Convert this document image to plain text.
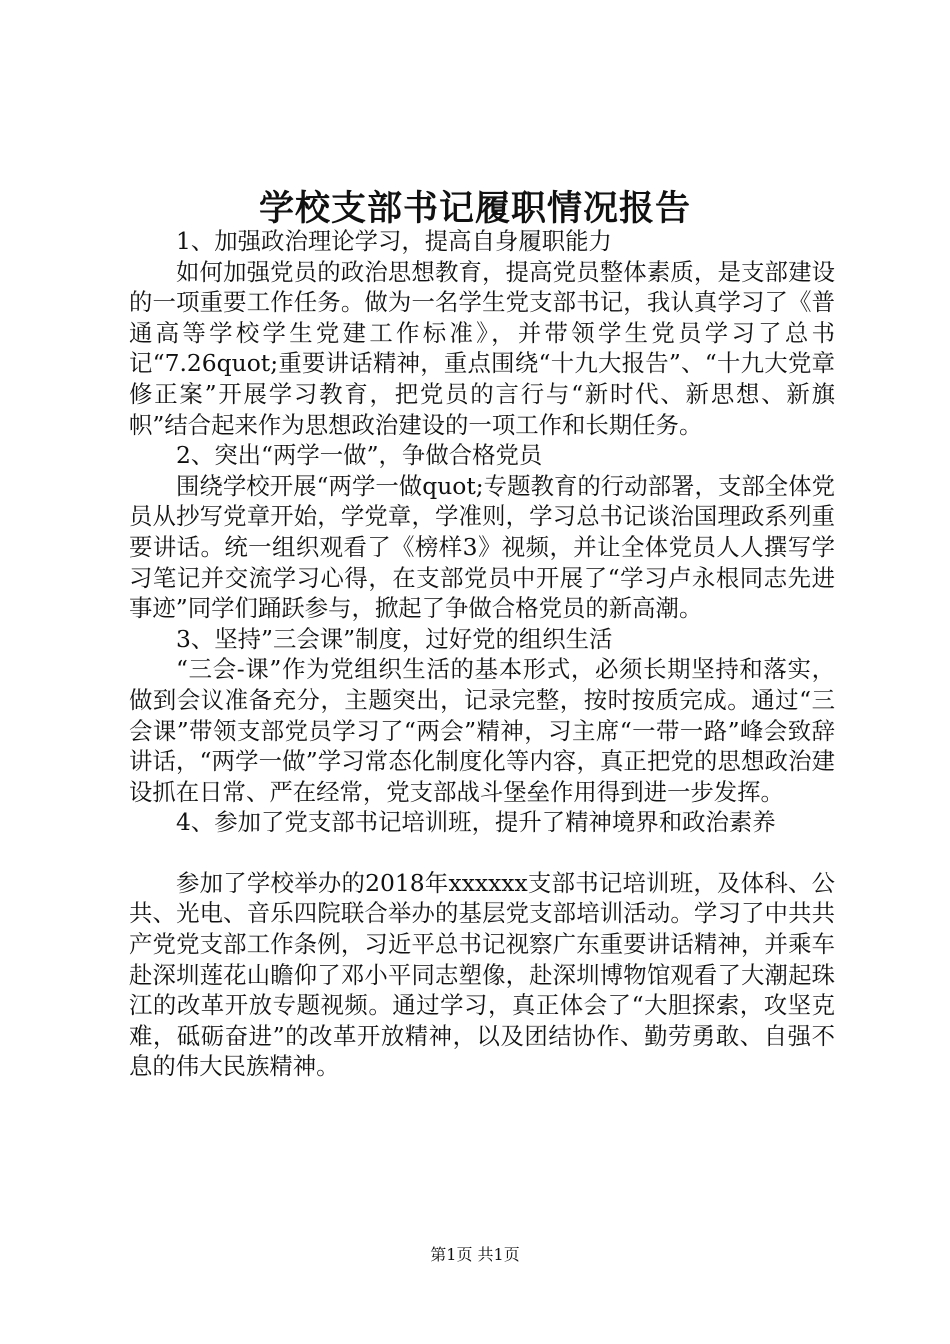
学校支部书记履职情况报告

1、加强政治理论学习，提高自身履职能力

如何加强党员的政治思想教育，提高党员整体素质，是支部建设的一项重要工作任务。做为一名学生党支部书记，我认真学习了《普通高等学校学生党建工作标准》，并带领学生党员学习了总书记“7.26quot;重要讲话精神，重点围绕“十九大报告”、“十九大党章修正案”开展学习教育，把党员的言行与“新时代、新思想、新旗帜”结合起来作为思想政治建设的一项工作和长期任务。

2、突出“两学一做”，争做合格党员

围绕学校开展“两学一做quot;专题教育的行动部署，支部全体党员从抄写党章开始，学党章，学准则，学习总书记谈治国理政系列重要讲话。统一组织观看了《榜样3》视频，并让全体党员人人撰写学习笔记并交流学习心得，在支部党员中开展了“学习卢永根同志先进事迹”同学们踊跃参与，掀起了争做合格党员的新高潮。

3、坚持”三会课”制度，过好党的组织生活

“三会-课”作为党组织生活的基本形式，必须长期坚持和落实，做到会议准备充分，主题突出，记录完整，按时按质完成。通过“三会课”带领支部党员学习了“两会”精神，习主席“一带一路”峰会致辞讲话，“两学一做”学习常态化制度化等内容，真正把党的思想政治建设抓在日常、严在经常，党支部战斗堡垒作用得到进一步发挥。

4、参加了党支部书记培训班，提升了精神境界和政治素养

参加了学校举办的2018年xxxxxx支部书记培训班，及体科、公共、光电、音乐四院联合举办的基层党支部培训活动。学习了中共共产党党支部工作条例，习近平总书记视察广东重要讲话精神，并乘车赴深圳莲花山瞻仰了邓小平同志塑像，赴深圳博物馆观看了大潮起珠江的改革开放专题视频。通过学习，真正体会了“大胆探索，攻坚克难，砥砺奋进”的改革开放精神，以及团结协作、勤劳勇敢、自强不息的伟大民族精神。

第1页 共1页
